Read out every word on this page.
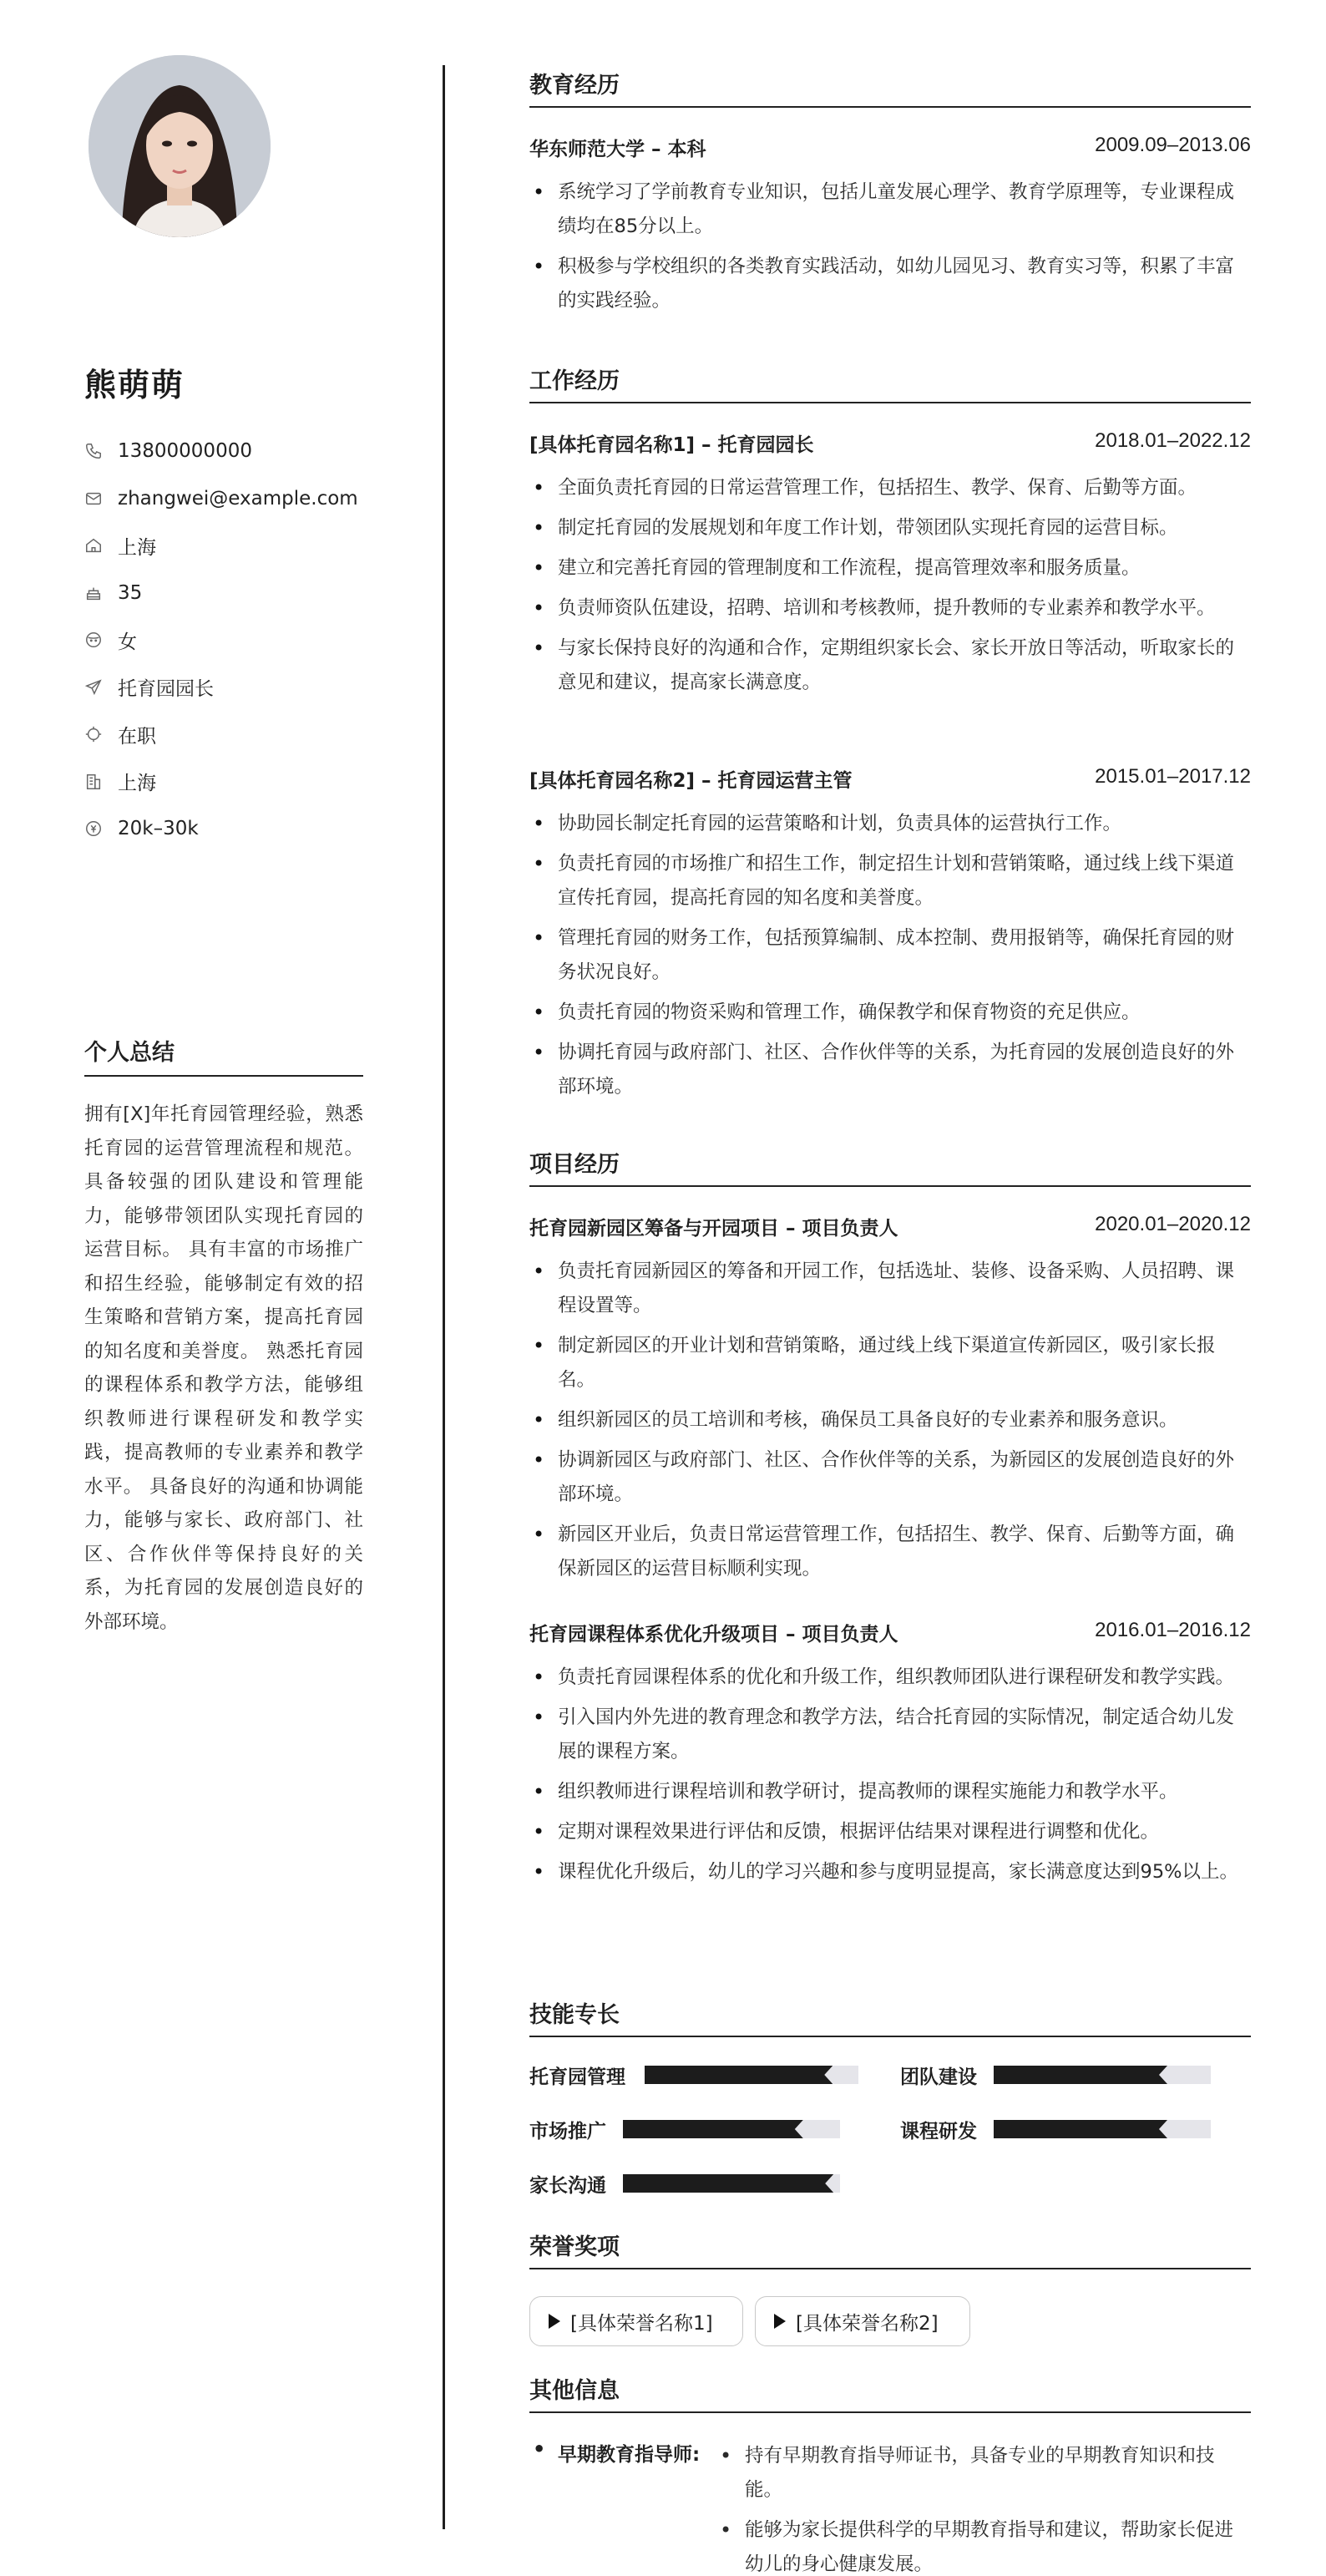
熊萌萌
13800000000
zhangwei@example.com
上海
35
女
托育园园长
在职
上海
20k–30k
个人总结
拥有[X]年托育园管理经验，熟悉托育园的运营管理流程和规范。 具备较强的团队建设和管理能力，能够带领团队实现托育园的运营目标。 具有丰富的市场推广和招生经验，能够制定有效的招生策略和营销方案，提高托育园的知名度和美誉度。 熟悉托育园的课程体系和教学方法，能够组织教师进行课程研发和教学实践，提高教师的专业素养和教学水平。 具备良好的沟通和协调能力，能够与家长、政府部门、社区、合作伙伴等保持良好的关系，为托育园的发展创造良好的外部环境。
教育经历
华东师范大学 – 本科	2009.09–2013.06
• 系统学习了学前教育专业知识，包括儿童发展心理学、教育学原理等，专业课程成绩均在85分以上。
• 积极参与学校组织的各类教育实践活动，如幼儿园见习、教育实习等，积累了丰富的实践经验。
工作经历
[具体托育园名称1] – 托育园园长	2018.01–2022.12
• 全面负责托育园的日常运营管理工作，包括招生、教学、保育、后勤等方面。
• 制定托育园的发展规划和年度工作计划，带领团队实现托育园的运营目标。
• 建立和完善托育园的管理制度和工作流程，提高管理效率和服务质量。
• 负责师资队伍建设，招聘、培训和考核教师，提升教师的专业素养和教学水平。
• 与家长保持良好的沟通和合作，定期组织家长会、家长开放日等活动，听取家长的意见和建议，提高家长满意度。
[具体托育园名称2] – 托育园运营主管	2015.01–2017.12
• 协助园长制定托育园的运营策略和计划，负责具体的运营执行工作。
• 负责托育园的市场推广和招生工作，制定招生计划和营销策略，通过线上线下渠道宣传托育园，提高托育园的知名度和美誉度。
• 管理托育园的财务工作，包括预算编制、成本控制、费用报销等，确保托育园的财务状况良好。
• 负责托育园的物资采购和管理工作，确保教学和保育物资的充足供应。
• 协调托育园与政府部门、社区、合作伙伴等的关系，为托育园的发展创造良好的外部环境。
项目经历
托育园新园区筹备与开园项目 – 项目负责人	2020.01–2020.12
• 负责托育园新园区的筹备和开园工作，包括选址、装修、设备采购、人员招聘、课程设置等。
• 制定新园区的开业计划和营销策略，通过线上线下渠道宣传新园区，吸引家长报名。
• 组织新园区的员工培训和考核，确保员工具备良好的专业素养和服务意识。
• 协调新园区与政府部门、社区、合作伙伴等的关系，为新园区的发展创造良好的外部环境。
• 新园区开业后，负责日常运营管理工作，包括招生、教学、保育、后勤等方面，确保新园区的运营目标顺利实现。
托育园课程体系优化升级项目 – 项目负责人	2016.01–2016.12
• 负责托育园课程体系的优化和升级工作，组织教师团队进行课程研发和教学实践。
• 引入国内外先进的教育理念和教学方法，结合托育园的实际情况，制定适合幼儿发展的课程方案。
• 组织教师进行课程培训和教学研讨，提高教师的课程实施能力和教学水平。
• 定期对课程效果进行评估和反馈，根据评估结果对课程进行调整和优化。
• 课程优化升级后，幼儿的学习兴趣和参与度明显提高，家长满意度达到95%以上。
技能专长
托育园管理	团队建设
市场推广	课程研发
家长沟通
荣誉奖项
[具体荣誉名称1]	[具体荣誉名称2]
其他信息
• 早期教育指导师:
•	持有早期教育指导师证书，具备专业的早期教育知识和技能。
• 能够为家长提供科学的早期教育指导和建议，帮助家长促进幼儿的身心健康发展。
